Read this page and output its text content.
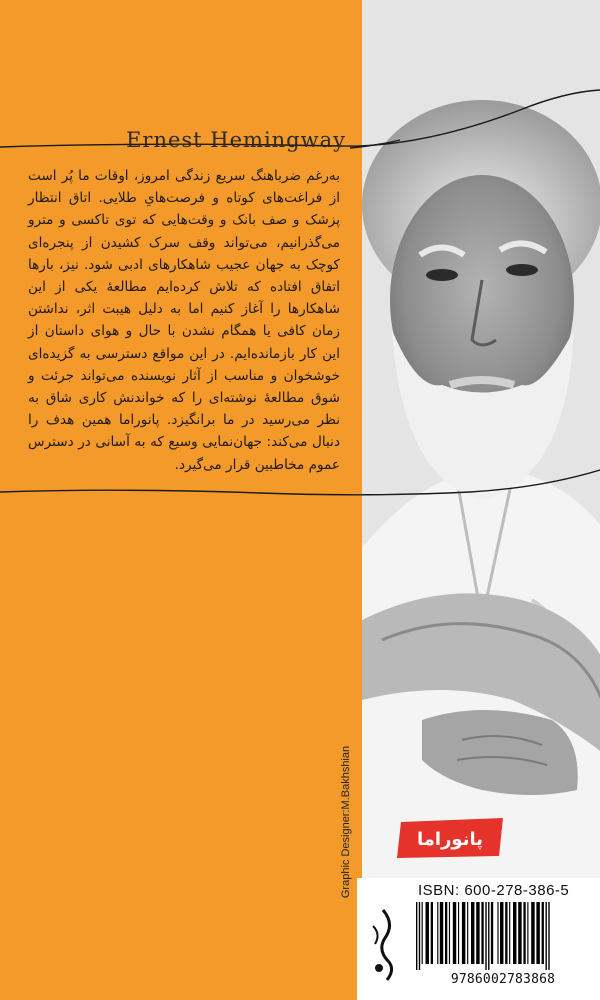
Ernest Hemingway

به‌رغم ضرباهنگ سریع زندگی امروز، اوقات ما پُر است از فراغت‌های کوتاه و فرصت‌هایِ طلایی. اتاق انتظار پزشک و صف بانک و وقت‌هایی که توی تاکسی و مترو می‌گذرانیم، می‌تواند وقف سرک کشیدن از پنجره‌ای کوچک به جهان عجیب شاهکارهای ادبی شود. نیز، بارها اتفاق افتاده که تلاش کرده‌ایم مطالعهٔ یکی از این شاهکارها را آغاز کنیم اما به دلیل هیبت اثر، نداشتن زمان کافی یا همگام نشدن با حال و هوای داستان از این کار بازمانده‌ایم. در این مواقع دسترسی به گزیده‌ای خوشخوان و مناسب از آثار نویسنده می‌تواند جرئت و شوق مطالعهٔ نوشته‌ای را که خواندنش کاری شاق به نظر می‌رسید در ما برانگیزد. پانوراما همین هدف را دنبال می‌کند: جهان‌نمایی وسیع که به آسانی در دسترس عموم مخاطبین قرار می‌گیرد.

Graphic Designer:M.Bakhshian	پانوراما
ISBN: 600-278-386-5
9786002783868
